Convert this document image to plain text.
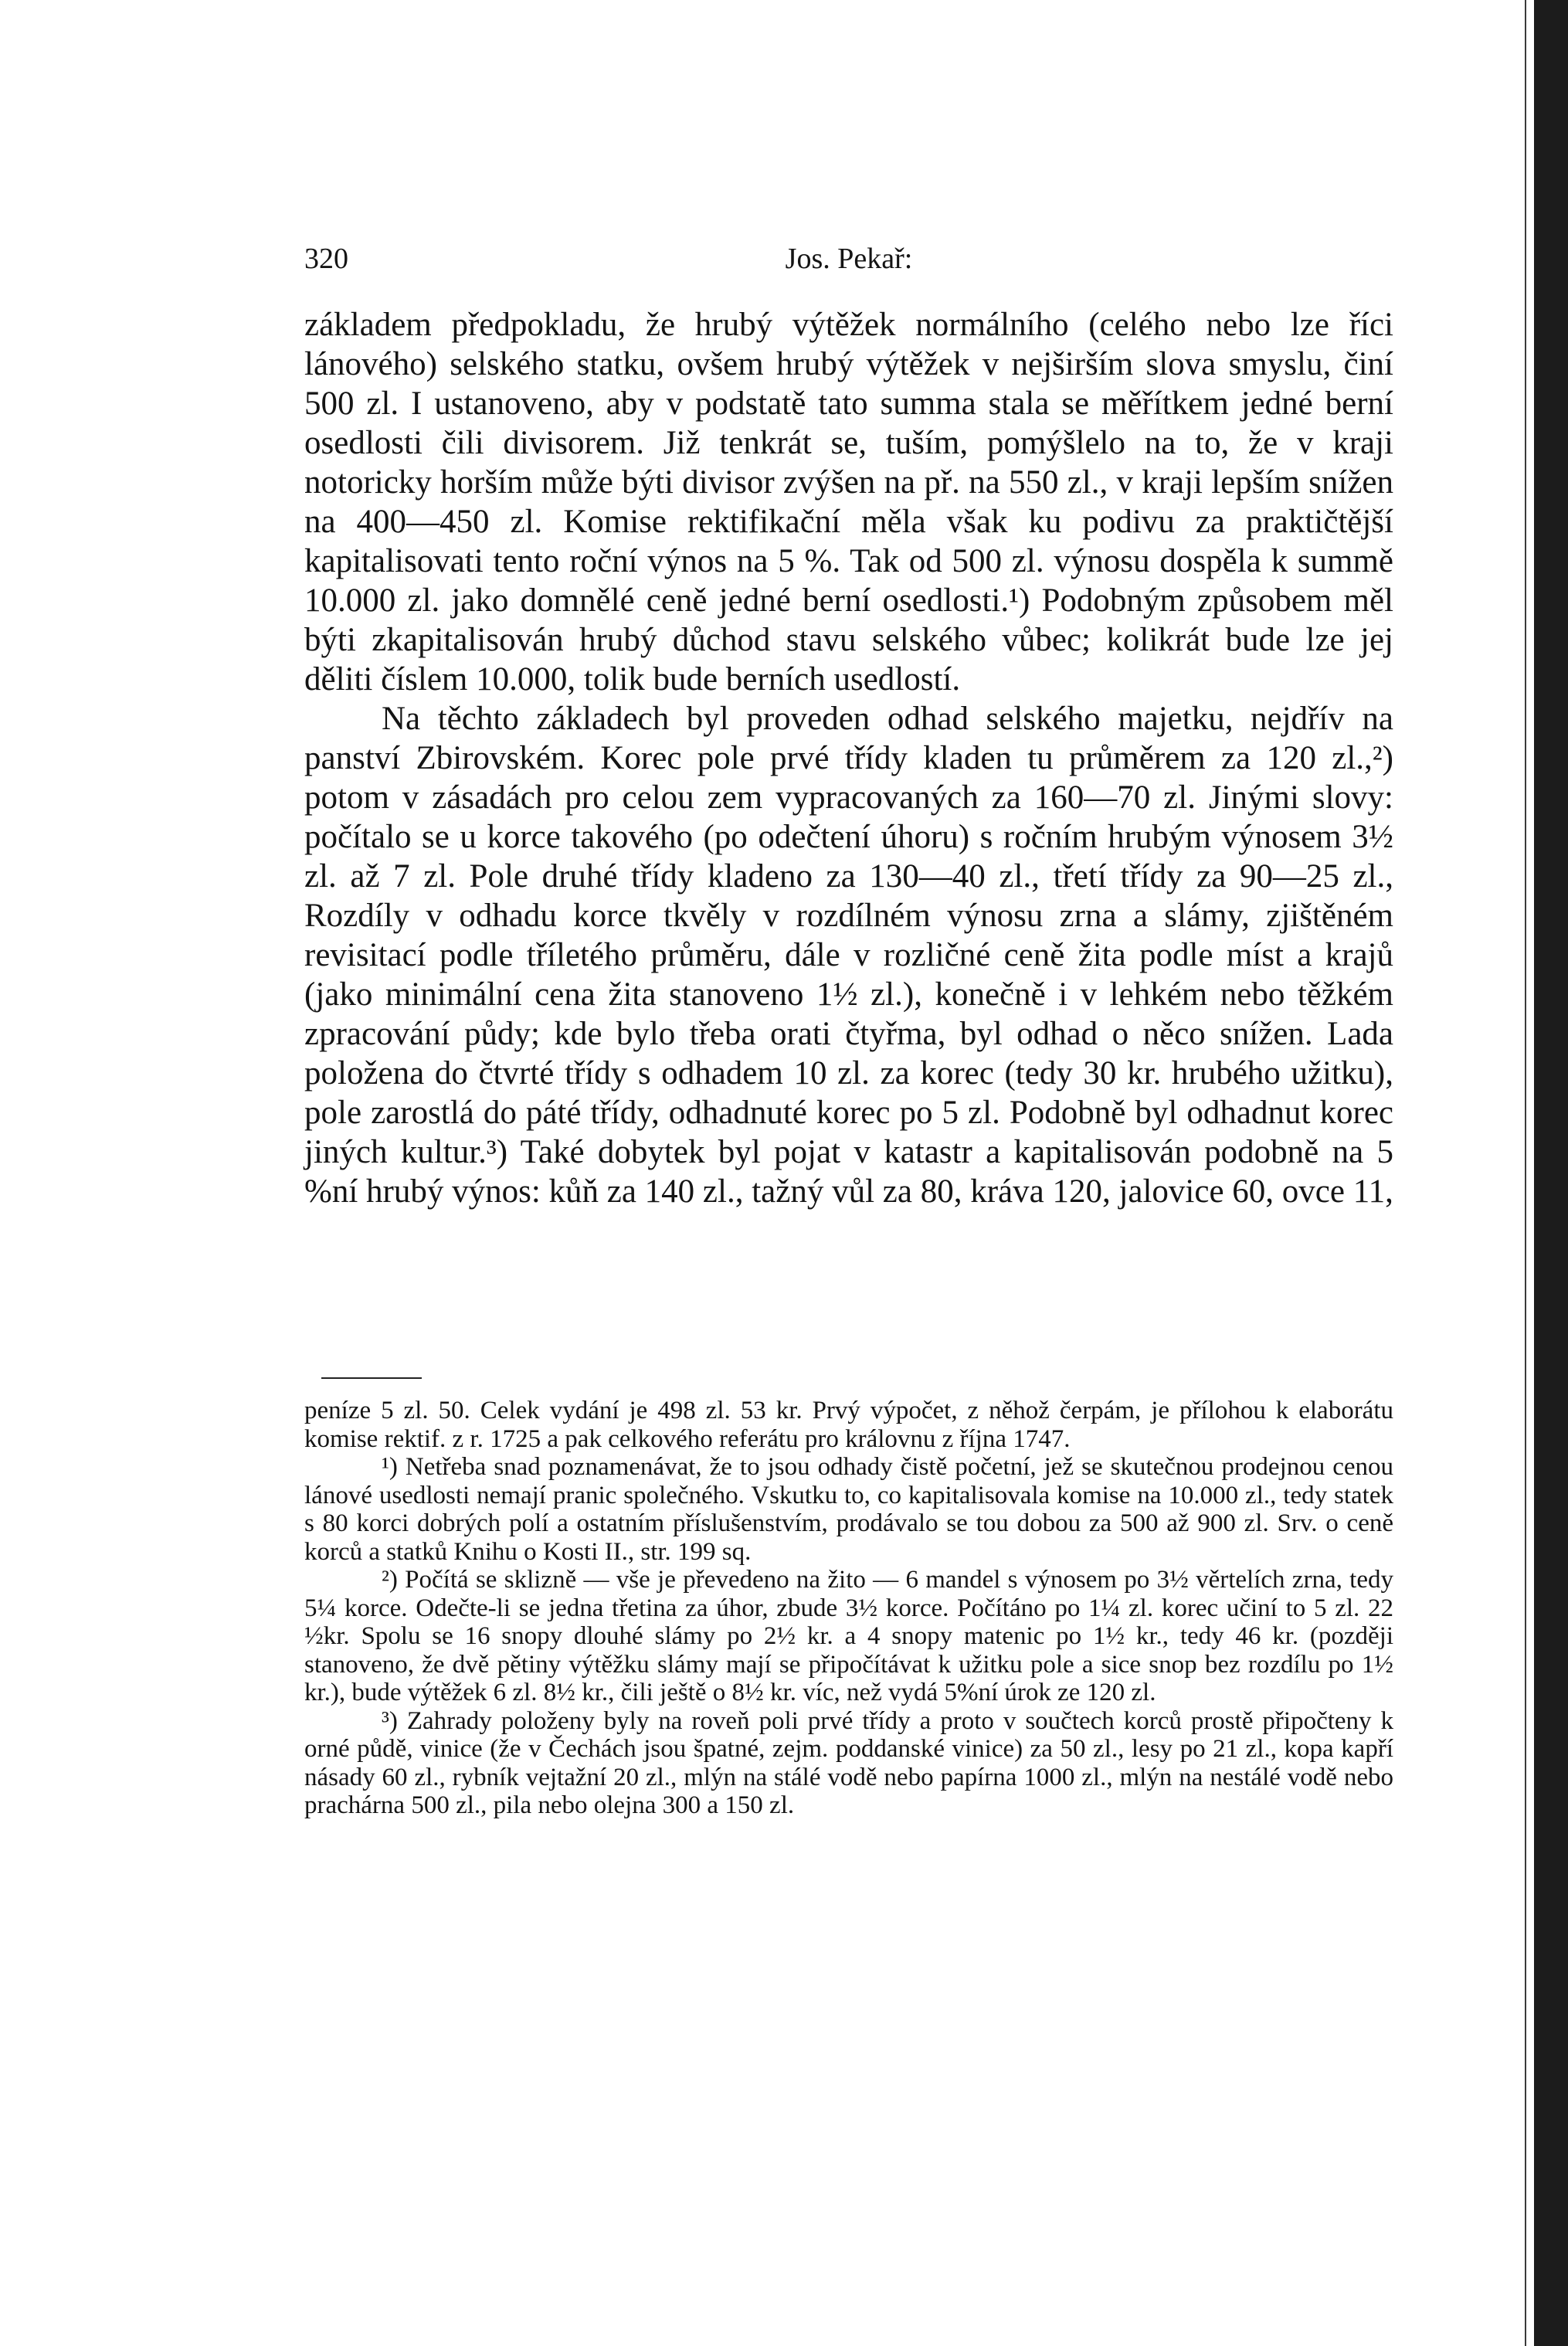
320	Jos. Pekař:

základem předpokladu, že hrubý výtěžek normálního (celého nebo lze říci lánového) selského statku, ovšem hrubý výtěžek v nejširším slova smyslu, činí 500 zl. I ustanoveno, aby v podstatě tato summa stala se měřítkem jedné berní osedlosti čili divisorem. Již tenkrát se, tuším, pomýšlelo na to, že v kraji notoricky horším může býti divisor zvýšen na př. na 550 zl., v kraji lepším snížen na 400—450 zl. Komise rektifikační měla však ku podivu za praktičtější kapitalisovati tento roční výnos na 5 %. Tak od 500 zl. výnosu dospěla k summě 10.000 zl. jako domnělé ceně jedné berní osedlosti.¹) Podobným způsobem měl býti zkapitalisován hrubý důchod stavu selského vůbec; kolikrát bude lze jej děliti číslem 10.000, tolik bude berních usedlostí.

Na těchto základech byl proveden odhad selského majetku, nejdřív na panství Zbirovském. Korec pole prvé třídy kladen tu průměrem za 120 zl.,²) potom v zásadách pro celou zem vypracovaných za 160—70 zl. Jinými slovy: počítalo se u korce takového (po odečtení úhoru) s ročním hrubým výnosem 3½ zl. až 7 zl. Pole druhé třídy kladeno za 130—40 zl., třetí třídy za 90—25 zl., Rozdíly v odhadu korce tkvěly v rozdílném výnosu zrna a slámy, zjištěném revisitací podle tříletého průměru, dále v rozličné ceně žita podle míst a krajů (jako minimální cena žita stanoveno 1½ zl.), konečně i v lehkém nebo těžkém zpracování půdy; kde bylo třeba orati čtyřma, byl odhad o něco snížen. Lada položena do čtvrté třídy s odhadem 10 zl. za korec (tedy 30 kr. hrubého užitku), pole zarostlá do páté třídy, odhadnuté korec po 5 zl. Podobně byl odhadnut korec jiných kultur.³) Také dobytek byl pojat v katastr a kapitalisován podobně na 5 %ní hrubý výnos: kůň za 140 zl., tažný vůl za 80, kráva 120, jalovice 60, ovce 11,

peníze 5 zl. 50. Celek vydání je 498 zl. 53 kr. Prvý výpočet, z něhož čerpám, je přílohou k elaborátu komise rektif. z r. 1725 a pak celkového referátu pro královnu z října 1747.

¹) Netřeba snad poznamenávat, že to jsou odhady čistě početní, jež se skutečnou prodejnou cenou lánové usedlosti nemají pranic společného. Vskutku to, co kapitalisovala komise na 10.000 zl., tedy statek s 80 korci dobrých polí a ostatním příslušenstvím, prodávalo se tou dobou za 500 až 900 zl. Srv. o ceně korců a statků Knihu o Kosti II., str. 199 sq.

²) Počítá se sklizně — vše je převedeno na žito — 6 mandel s výnosem po 3½ věrtelích zrna, tedy 5¼ korce. Odečte-li se jedna třetina za úhor, zbude 3½ korce. Počítáno po 1¼ zl. korec učiní to 5 zl. 22 ½kr. Spolu se 16 snopy dlouhé slámy po 2½ kr. a 4 snopy matenic po 1½ kr., tedy 46 kr. (později stanoveno, že dvě pětiny výtěžku slámy mají se připočítávat k užitku pole a sice snop bez rozdílu po 1½ kr.), bude výtěžek 6 zl. 8½ kr., čili ještě o 8½ kr. víc, než vydá 5%ní úrok ze 120 zl.

³) Zahrady položeny byly na roveň poli prvé třídy a proto v součtech korců prostě připočteny k orné půdě, vinice (že v Čechách jsou špatné, zejm. poddanské vinice) za 50 zl., lesy po 21 zl., kopa kapří násady 60 zl., rybník vejtažní 20 zl., mlýn na stálé vodě nebo papírna 1000 zl., mlýn na nestálé vodě nebo prachárna 500 zl., pila nebo olejna 300 a 150 zl.
